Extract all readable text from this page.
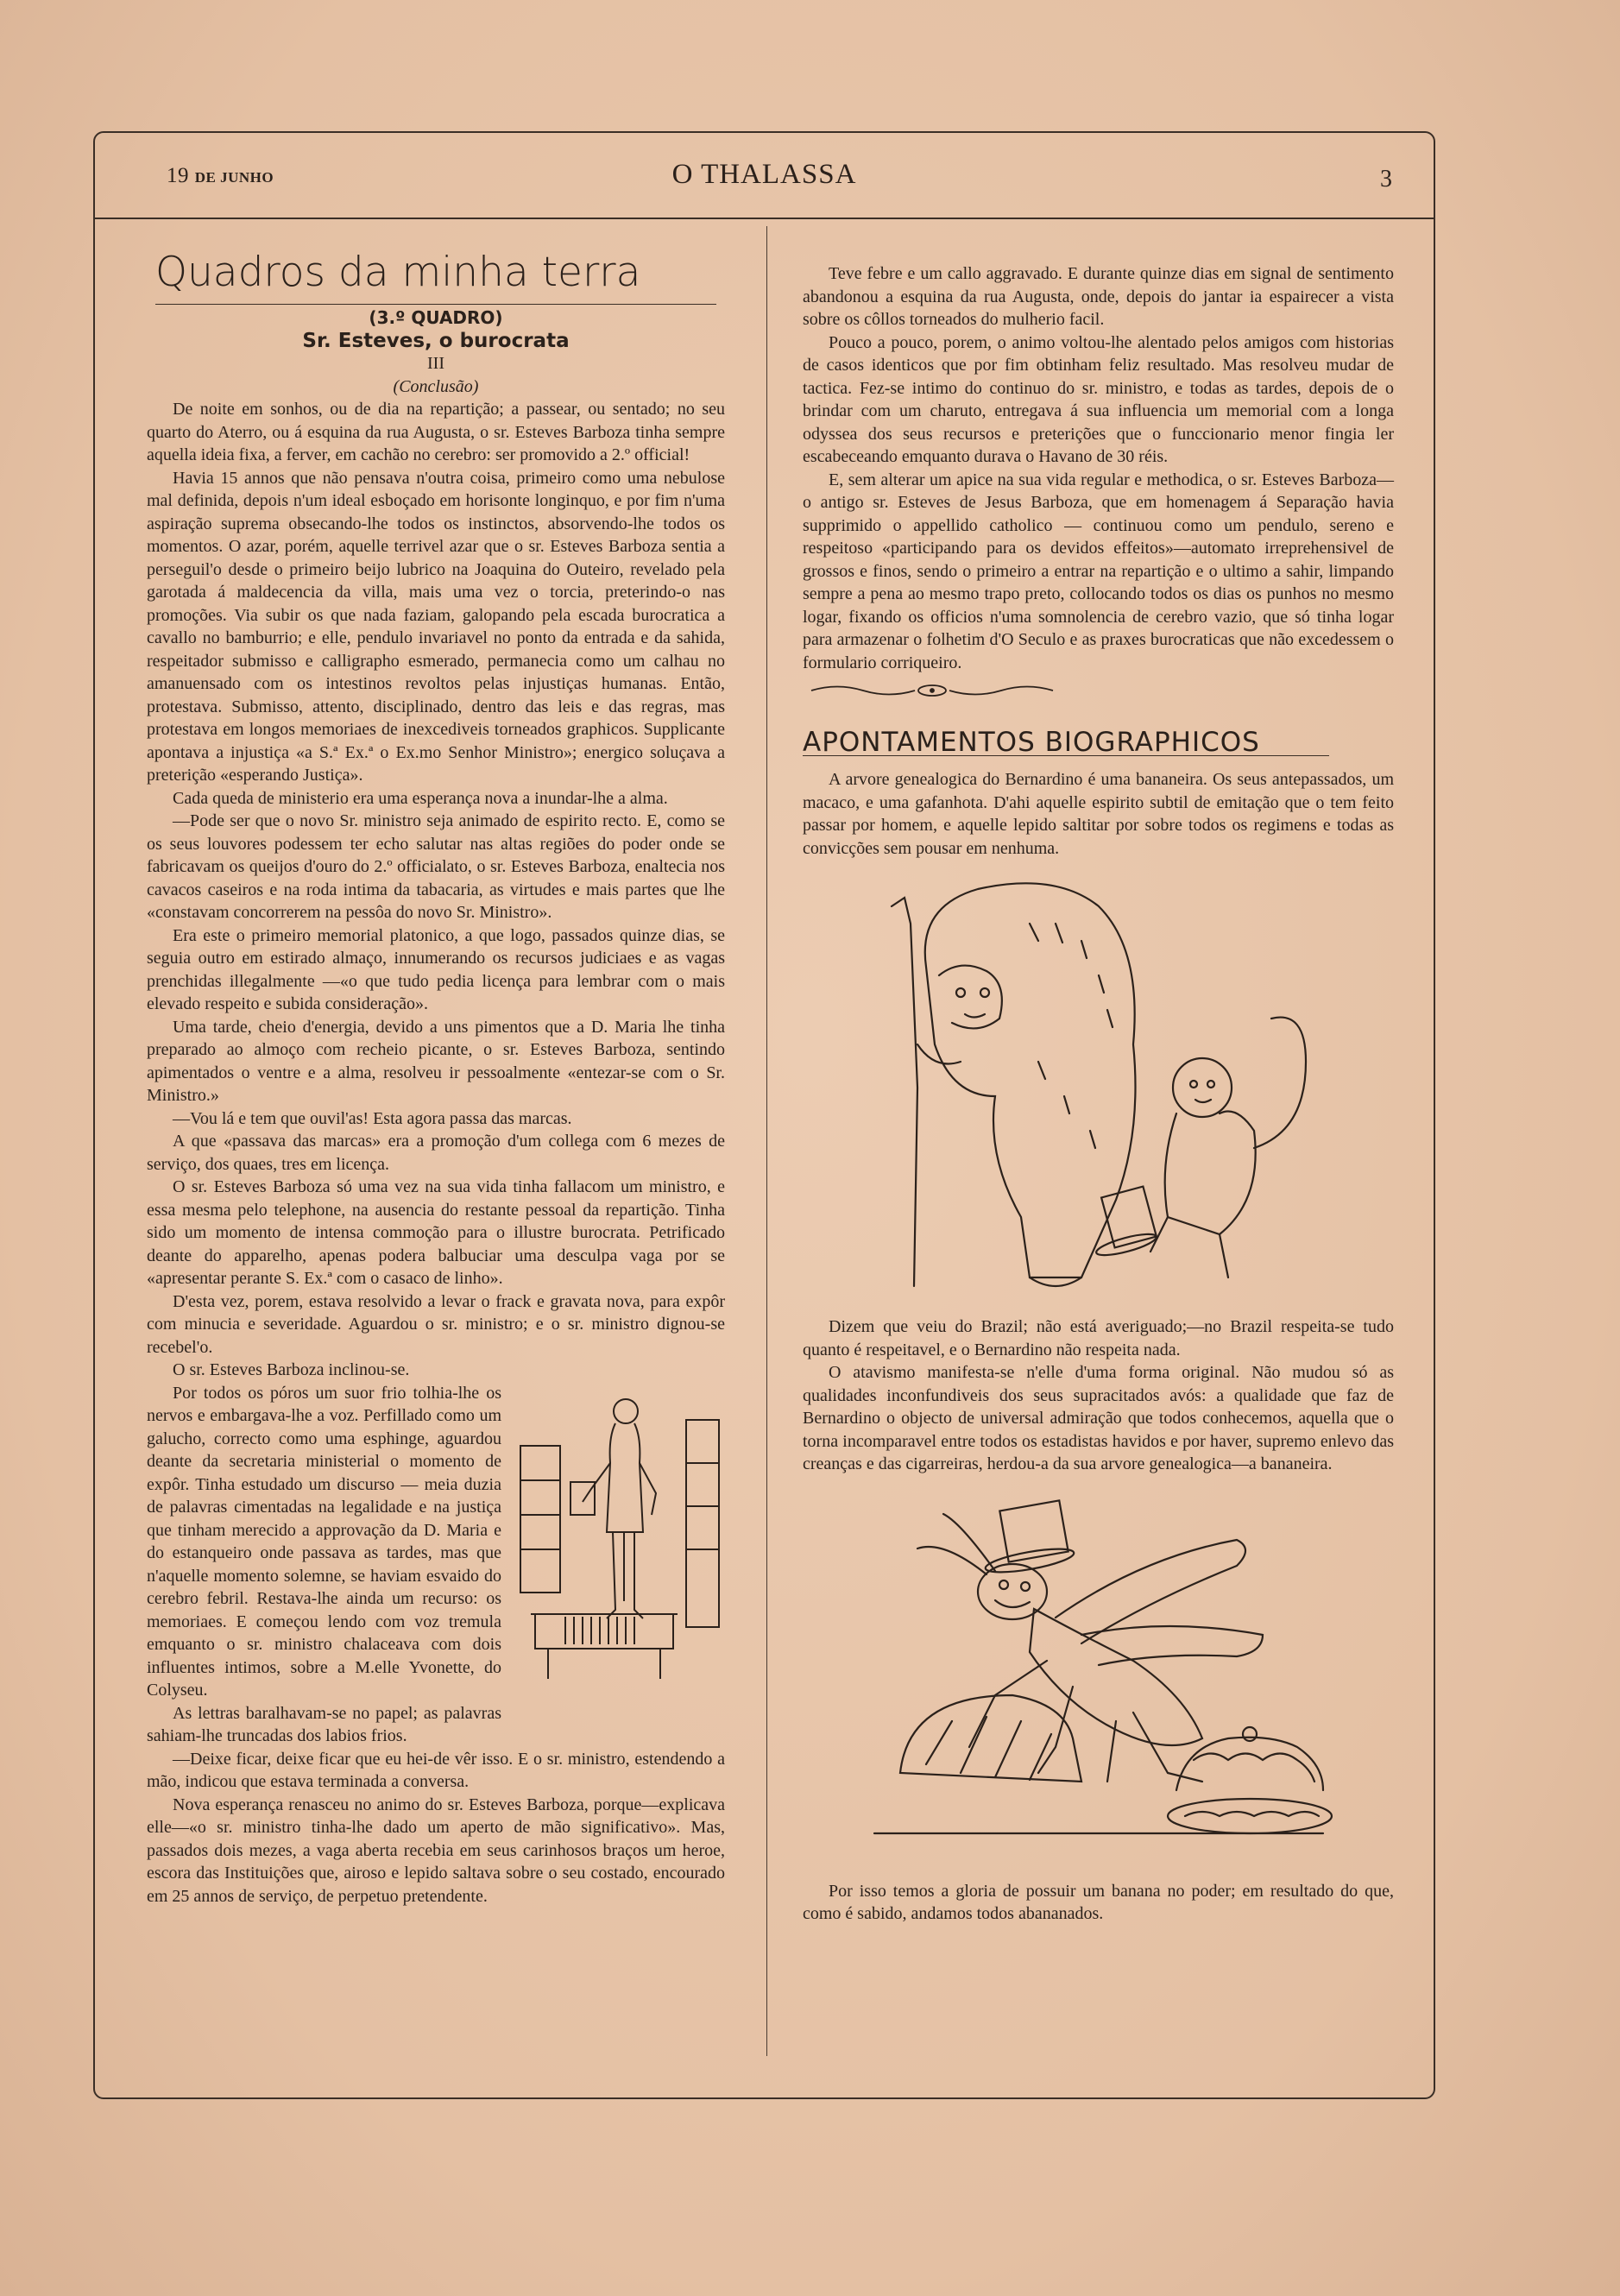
19 DE JUNHO	O THALASSA	3
Quadros da minha terra

(3.º QUADRO)

Sr. Esteves, o burocrata

III

(Conclusão)

De noite em sonhos, ou de dia na repartição; a passear, ou sentado; no seu quarto do Aterro, ou á esquina da rua Augusta, o sr. Esteves Barboza tinha sempre aquella ideia fixa, a ferver, em cachão no cerebro: ser promovido a 2.º official!

Havia 15 annos que não pensava n'outra coisa, primeiro como uma nebulose mal definida, depois n'um ideal esboçado em horisonte longinquo, e por fim n'uma aspiração suprema obsecando-lhe todos os instinctos, absorvendo-lhe todos os momentos. O azar, porém, aquelle terrivel azar que o sr. Esteves Barboza sentia a perseguil'o desde o primeiro beijo lubrico na Joaquina do Outeiro, revelado pela garotada á maldecencia da villa, mais uma vez o torcia, preterindo-o nas promoções. Via subir os que nada faziam, galopando pela escada burocratica a cavallo no bamburrio; e elle, pendulo invariavel no ponto da entrada e da sahida, respeitador submisso e calligrapho esmerado, permanecia como um calhau no amanuensado com os intestinos revoltos pelas injustiças humanas. Então, protestava. Submisso, attento, disciplinado, dentro das leis e das regras, mas protestava em longos memoriaes de inexcediveis torneados graphicos. Supplicante apontava a injustiça «a S.ª Ex.ª o Ex.mo Senhor Ministro»; energico soluçava a preterição «esperando Justiça».

Cada queda de ministerio era uma esperança nova a inundar-lhe a alma.

—Pode ser que o novo Sr. ministro seja animado de espirito recto. E, como se os seus louvores podessem ter echo salutar nas altas regiões do poder onde se fabricavam os queijos d'ouro do 2.º officialato, o sr. Esteves Barboza, enaltecia nos cavacos caseiros e na roda intima da tabacaria, as virtudes e mais partes que lhe «constavam concorrerem na pessôa do novo Sr. Ministro».

Era este o primeiro memorial platonico, a que logo, passados quinze dias, se seguia outro em estirado almaço, innumerando os recursos judiciaes e as vagas prenchidas illegalmente —«o que tudo pedia licença para lembrar com o mais elevado respeito e subida consideração».

Uma tarde, cheio d'energia, devido a uns pimentos que a D. Maria lhe tinha preparado ao almoço com recheio picante, o sr. Esteves Barboza, sentindo apimentados o ventre e a alma, resolveu ir pessoalmente «entezar-se com o Sr. Ministro.»

—Vou lá e tem que ouvil'as! Esta agora passa das marcas.

A que «passava das marcas» era a promoção d'um collega com 6 mezes de serviço, dos quaes, tres em licença.

O sr. Esteves Barboza só uma vez na sua vida tinha fallacom um ministro, e essa mesma pelo telephone, na ausencia do restante pessoal da repartição. Tinha sido um momento de intensa commoção para o illustre burocrata. Petrificado deante do apparelho, apenas podera balbuciar uma desculpa vaga por se «apresentar perante S. Ex.ª com o casaco de linho».

D'esta vez, porem, estava resolvido a levar o frack e gravata nova, para expôr com minucia e severidade. Aguardou o sr. ministro; e o sr. ministro dignou-se recebel'o.

O sr. Esteves Barboza inclinou-se.

Por todos os póros um suor frio tolhia-lhe os nervos e embargava-lhe a voz. Perfillado como um galucho, correcto como uma esphinge, aguardou deante da secretaria ministerial o momento de expôr. Tinha estudado um discurso — meia duzia de palavras cimentadas na legalidade e na justiça que tinham merecido a approvação da D. Maria e do estanqueiro onde passava as tardes, mas que n'aquelle momento solemne, se haviam esvaido do cerebro febril. Restava-lhe ainda um recurso: os memoriaes. E começou lendo com voz tremula emquanto o sr. ministro chalaceava com dois influentes intimos, sobre a M.elle Yvonette, do Colyseu.

As lettras baralhavam-se no papel; as palavras sahiam-lhe truncadas dos labios frios.

—Deixe ficar, deixe ficar que eu hei-de vêr isso. E o sr. ministro, estendendo a mão, indicou que estava terminada a conversa.

Nova esperança renasceu no animo do sr. Esteves Barboza, porque—explicava elle—«o sr. ministro tinha-lhe dado um aperto de mão significativo». Mas, passados dois mezes, a vaga aberta recebia em seus carinhosos braços um heroe, escora das Instituições que, airoso e lepido saltava sobre o seu costado, encourado em 25 annos de serviço, de perpetuo pretendente.

Teve febre e um callo aggravado. E durante quinze dias em signal de sentimento abandonou a esquina da rua Augusta, onde, depois do jantar ia espairecer a vista sobre os côllos torneados do mulherio facil.

Pouco a pouco, porem, o animo voltou-lhe alentado pelos amigos com historias de casos identicos que por fim obtinham feliz resultado. Mas resolveu mudar de tactica. Fez-se intimo do continuo do sr. ministro, e todas as tardes, depois de o brindar com um charuto, entregava á sua influencia um memorial com a longa odyssea dos seus recursos e preterições que o funccionario menor fingia ler escabeceando emquanto durava o Havano de 30 réis.

E, sem alterar um apice na sua vida regular e methodica, o sr. Esteves Barboza—o antigo sr. Esteves de Jesus Barboza, que em homenagem á Separação havia supprimido o appellido catholico — continuou como um pendulo, sereno e respeitoso «participando para os devidos effeitos»—automato irreprehensivel de grossos e finos, sendo o primeiro a entrar na repartição e o ultimo a sahir, limpando sempre a pena ao mesmo trapo preto, collocando todos os dias os punhos no mesmo logar, fixando os officios n'uma somnolencia de cerebro vazio, que só tinha logar para armazenar o folhetim d'O Seculo e as praxes burocraticas que não excedessem o formulario corriqueiro.

APONTAMENTOS BIOGRAPHICOS

A arvore genealogica do Bernardino é uma bananeira. Os seus antepassados, um macaco, e uma gafanhota. D'ahi aquelle espirito subtil de emitação que o tem feito passar por homem, e aquelle lepido saltitar por sobre todos os regimens e todas as convicções sem pousar em nenhuma.

Dizem que veiu do Brazil; não está averiguado;—no Brazil respeita-se tudo quanto é respeitavel, e o Bernardino não respeita nada.

O atavismo manifesta-se n'elle d'uma forma original. Não mudou só as qualidades inconfundiveis dos seus supracitados avós: a qualidade que faz de Bernardino o objecto de universal admiração que todos conhecemos, aquella que o torna incomparavel entre todos os estadistas havidos e por haver, supremo enlevo das creanças e das cigarreiras, herdou-a da sua arvore genealogica—a bananeira.

Por isso temos a gloria de possuir um banana no poder; em resultado do que, como é sabido, andamos todos abananados.
